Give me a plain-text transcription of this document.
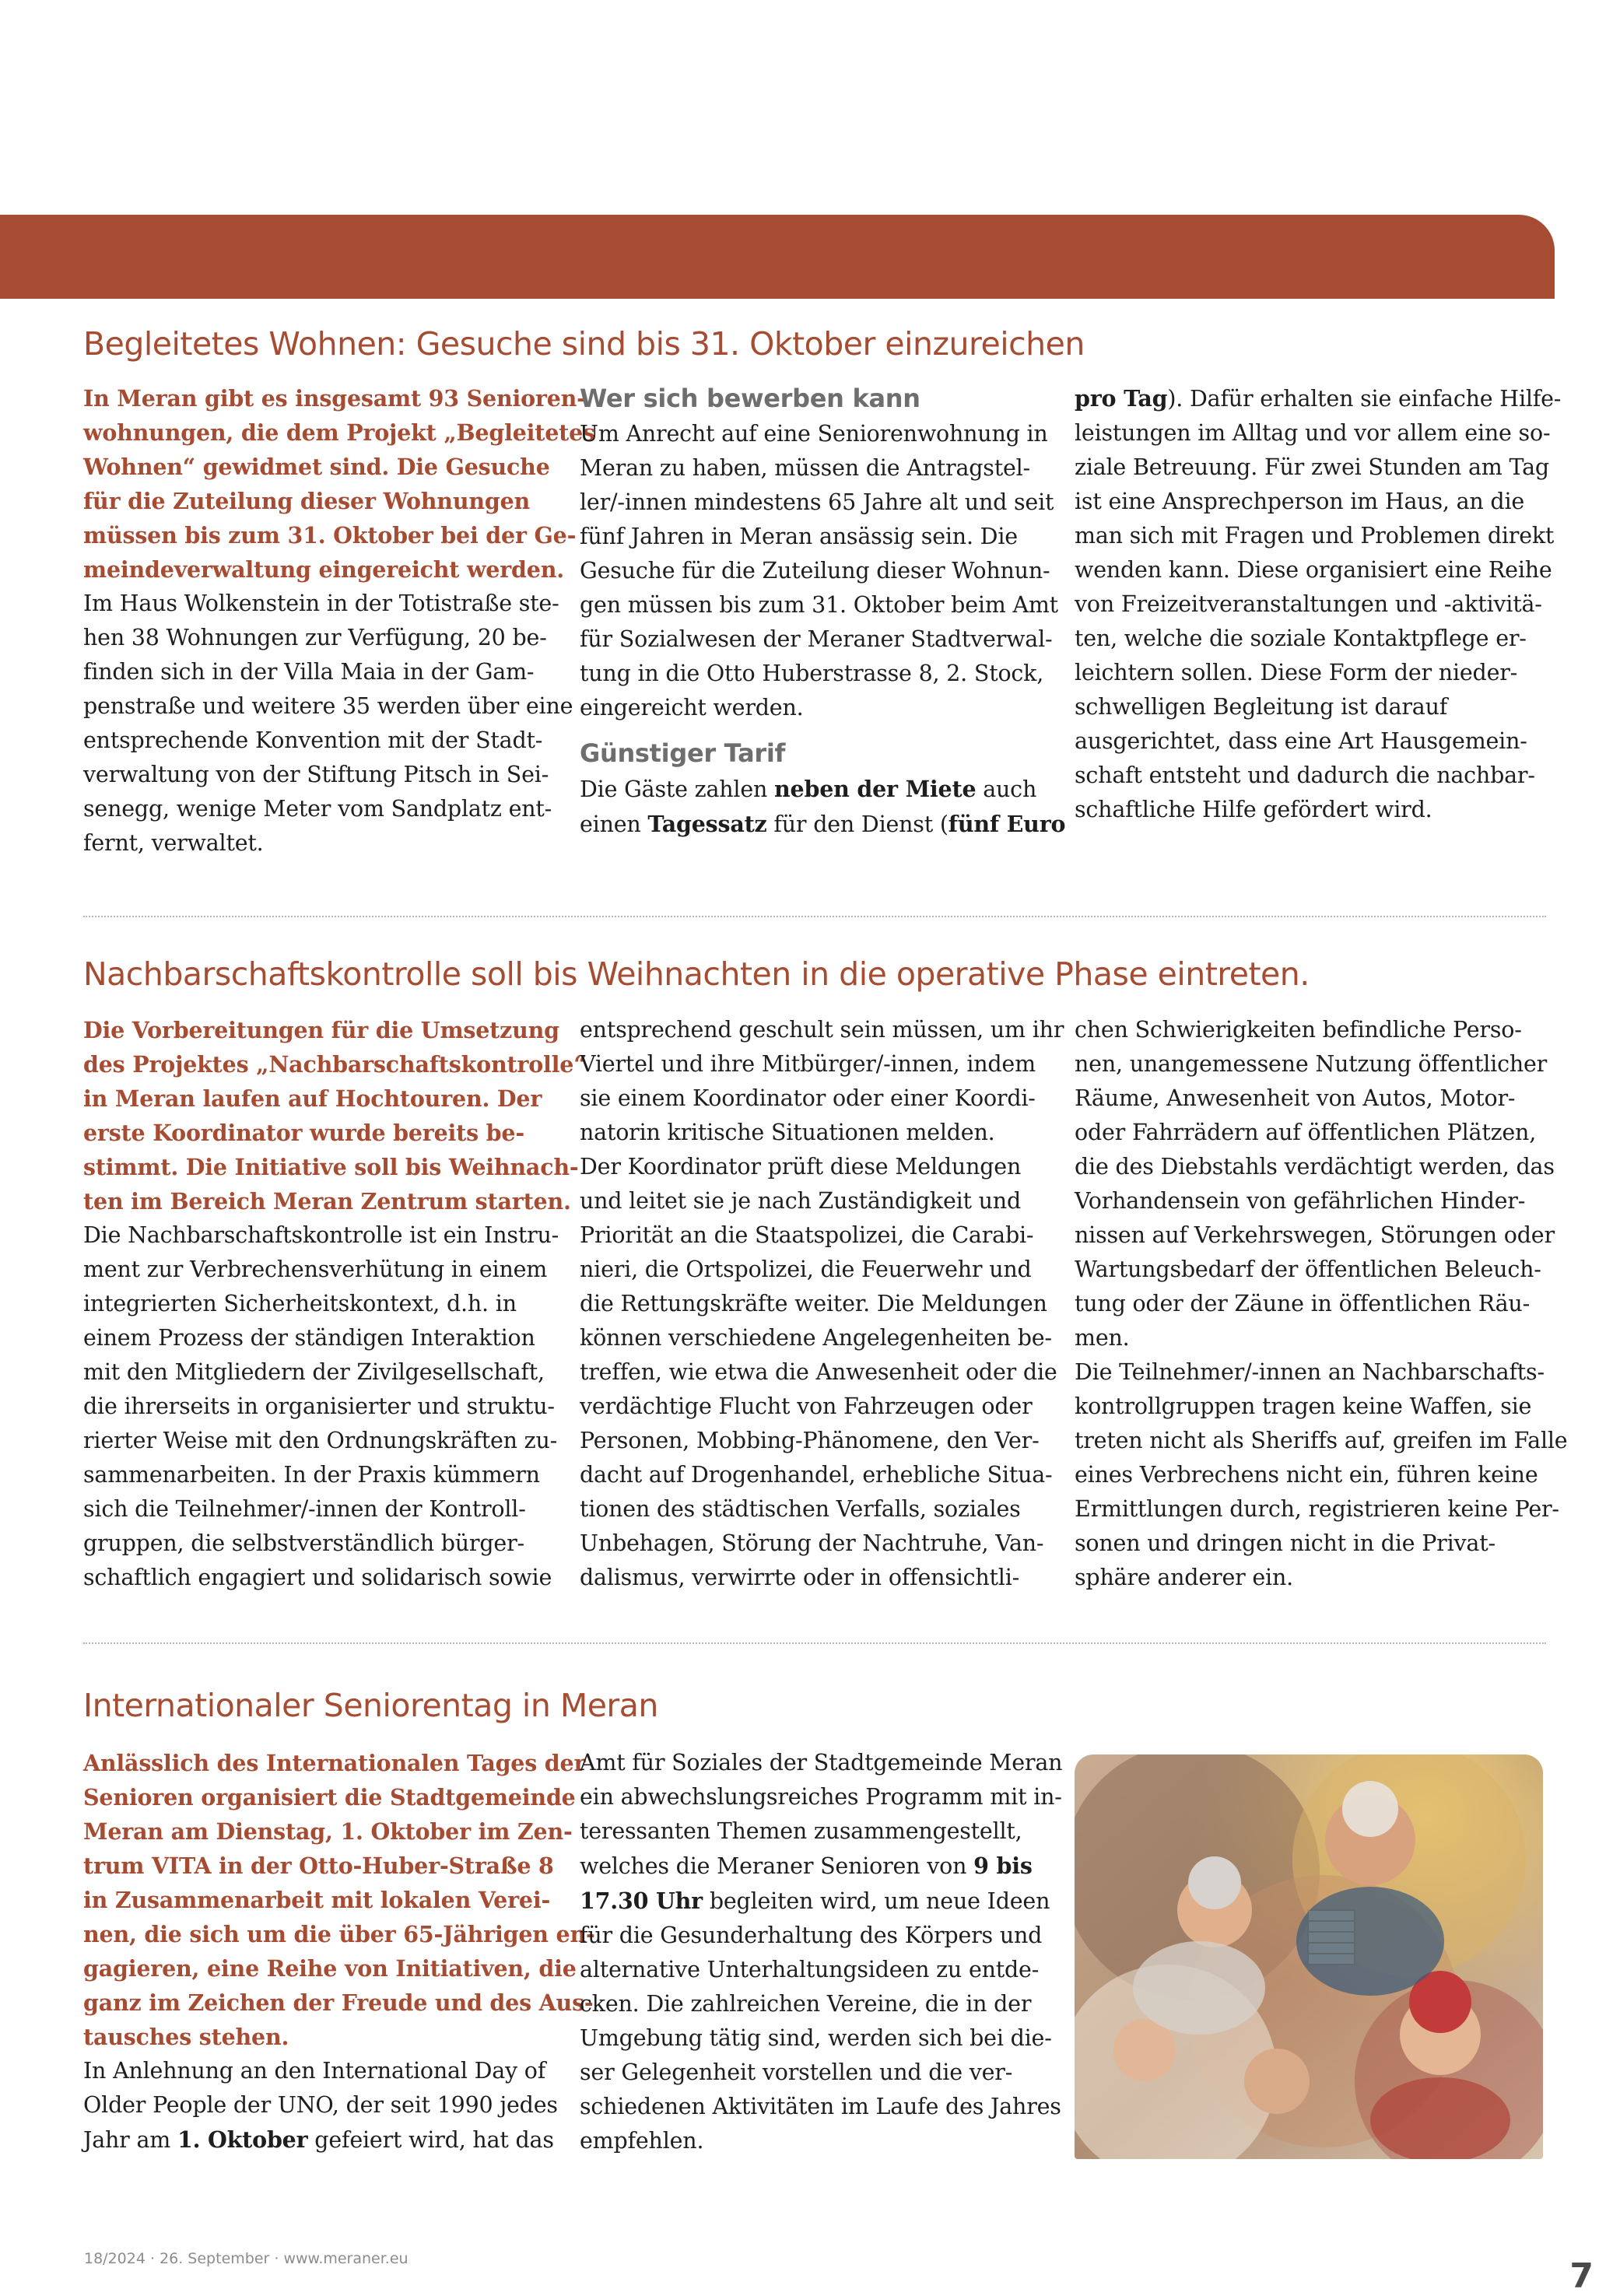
Begleitetes Wohnen: Gesuche sind bis 31. Oktober einzureichen
In Meran gibt es insgesamt 93 Senioren-
wohnungen, die dem Projekt „Begleitetes
Wohnen“ gewidmet sind. Die Gesuche
für die Zuteilung dieser Wohnungen
müssen bis zum 31. Oktober bei der Ge-
meindeverwaltung eingereicht werden.
Im Haus Wolkenstein in der Totistraße ste-
hen 38 Wohnungen zur Verfügung, 20 be-
finden sich in der Villa Maia in der Gam-
penstraße und weitere 35 werden über eine
entsprechende Konvention mit der Stadt-
verwaltung von der Stiftung Pitsch in Sei-
senegg, wenige Meter vom Sandplatz ent-
fernt, verwaltet.
Wer sich bewerben kann
Um Anrecht auf eine Seniorenwohnung in
Meran zu haben, müssen die Antragstel-
ler/-innen mindestens 65 Jahre alt und seit
fünf Jahren in Meran ansässig sein. Die
Gesuche für die Zuteilung dieser Wohnun-
gen müssen bis zum 31. Oktober beim Amt
für Sozialwesen der Meraner Stadtverwal-
tung in die Otto Huberstrasse 8, 2. Stock,
eingereicht werden.
Günstiger Tarif
Die Gäste zahlen neben der Miete auch
einen Tagessatz für den Dienst (fünf Euro
pro Tag). Dafür erhalten sie einfache Hilfe-
leistungen im Alltag und vor allem eine so-
ziale Betreuung. Für zwei Stunden am Tag
ist eine Ansprechperson im Haus, an die
man sich mit Fragen und Problemen direkt
wenden kann. Diese organisiert eine Reihe
von Freizeitveranstaltungen und -aktivitä-
ten, welche die soziale Kontaktpflege er-
leichtern sollen. Diese Form der nieder-
schwelligen Begleitung ist darauf
ausgerichtet, dass eine Art Hausgemein-
schaft entsteht und dadurch die nachbar-
schaftliche Hilfe gefördert wird.
Nachbarschaftskontrolle soll bis Weihnachten in die operative Phase eintreten.
Die Vorbereitungen für die Umsetzung
des Projektes „Nachbarschaftskontrolle“
in Meran laufen auf Hochtouren. Der
erste Koordinator wurde bereits be-
stimmt. Die Initiative soll bis Weihnach-
ten im Bereich Meran Zentrum starten.
Die Nachbarschaftskontrolle ist ein Instru-
ment zur Verbrechensverhütung in einem
integrierten Sicherheitskontext, d.h. in
einem Prozess der ständigen Interaktion
mit den Mitgliedern der Zivilgesellschaft,
die ihrerseits in organisierter und struktu-
rierter Weise mit den Ordnungskräften zu-
sammenarbeiten. In der Praxis kümmern
sich die Teilnehmer/-innen der Kontroll-
gruppen, die selbstverständlich bürger-
schaftlich engagiert und solidarisch sowie
entsprechend geschult sein müssen, um ihr
Viertel und ihre Mitbürger/-innen, indem
sie einem Koordinator oder einer Koordi-
natorin kritische Situationen melden.
Der Koordinator prüft diese Meldungen
und leitet sie je nach Zuständigkeit und
Priorität an die Staatspolizei, die Carabi-
nieri, die Ortspolizei, die Feuerwehr und
die Rettungskräfte weiter. Die Meldungen
können verschiedene Angelegenheiten be-
treffen, wie etwa die Anwesenheit oder die
verdächtige Flucht von Fahrzeugen oder
Personen, Mobbing-Phänomene, den Ver-
dacht auf Drogenhandel, erhebliche Situa-
tionen des städtischen Verfalls, soziales
Unbehagen, Störung der Nachtruhe, Van-
dalismus, verwirrte oder in offensichtli-
chen Schwierigkeiten befindliche Perso-
nen, unangemessene Nutzung öffentlicher
Räume, Anwesenheit von Autos, Motor-
oder Fahrrädern auf öffentlichen Plätzen,
die des Diebstahls verdächtigt werden, das
Vorhandensein von gefährlichen Hinder-
nissen auf Verkehrswegen, Störungen oder
Wartungsbedarf der öffentlichen Beleuch-
tung oder der Zäune in öffentlichen Räu-
men.
Die Teilnehmer/-innen an Nachbarschafts-
kontrollgruppen tragen keine Waffen, sie
treten nicht als Sheriffs auf, greifen im Falle
eines Verbrechens nicht ein, führen keine
Ermittlungen durch, registrieren keine Per-
sonen und dringen nicht in die Privat-
sphäre anderer ein.
Internationaler Seniorentag in Meran
Anlässlich des Internationalen Tages der
Senioren organisiert die Stadtgemeinde
Meran am Dienstag, 1. Oktober im Zen-
trum VITA in der Otto-Huber-Straße 8
in Zusammenarbeit mit lokalen Verei-
nen, die sich um die über 65-Jährigen en-
gagieren, eine Reihe von Initiativen, die
ganz im Zeichen der Freude und des Aus-
tausches stehen.
In Anlehnung an den International Day of
Older People der UNO, der seit 1990 jedes
Jahr am 1. Oktober gefeiert wird, hat das
Amt für Soziales der Stadtgemeinde Meran
ein abwechslungsreiches Programm mit in-
teressanten Themen zusammengestellt,
welches die Meraner Senioren von 9 bis
17.30 Uhr begleiten wird, um neue Ideen
für die Gesunderhaltung des Körpers und
alternative Unterhaltungsideen zu entde-
cken. Die zahlreichen Vereine, die in der
Umgebung tätig sind, werden sich bei die-
ser Gelegenheit vorstellen und die ver-
schiedenen Aktivitäten im Laufe des Jahres
empfehlen.
18/2024 · 26. September · www.meraner.eu	7
